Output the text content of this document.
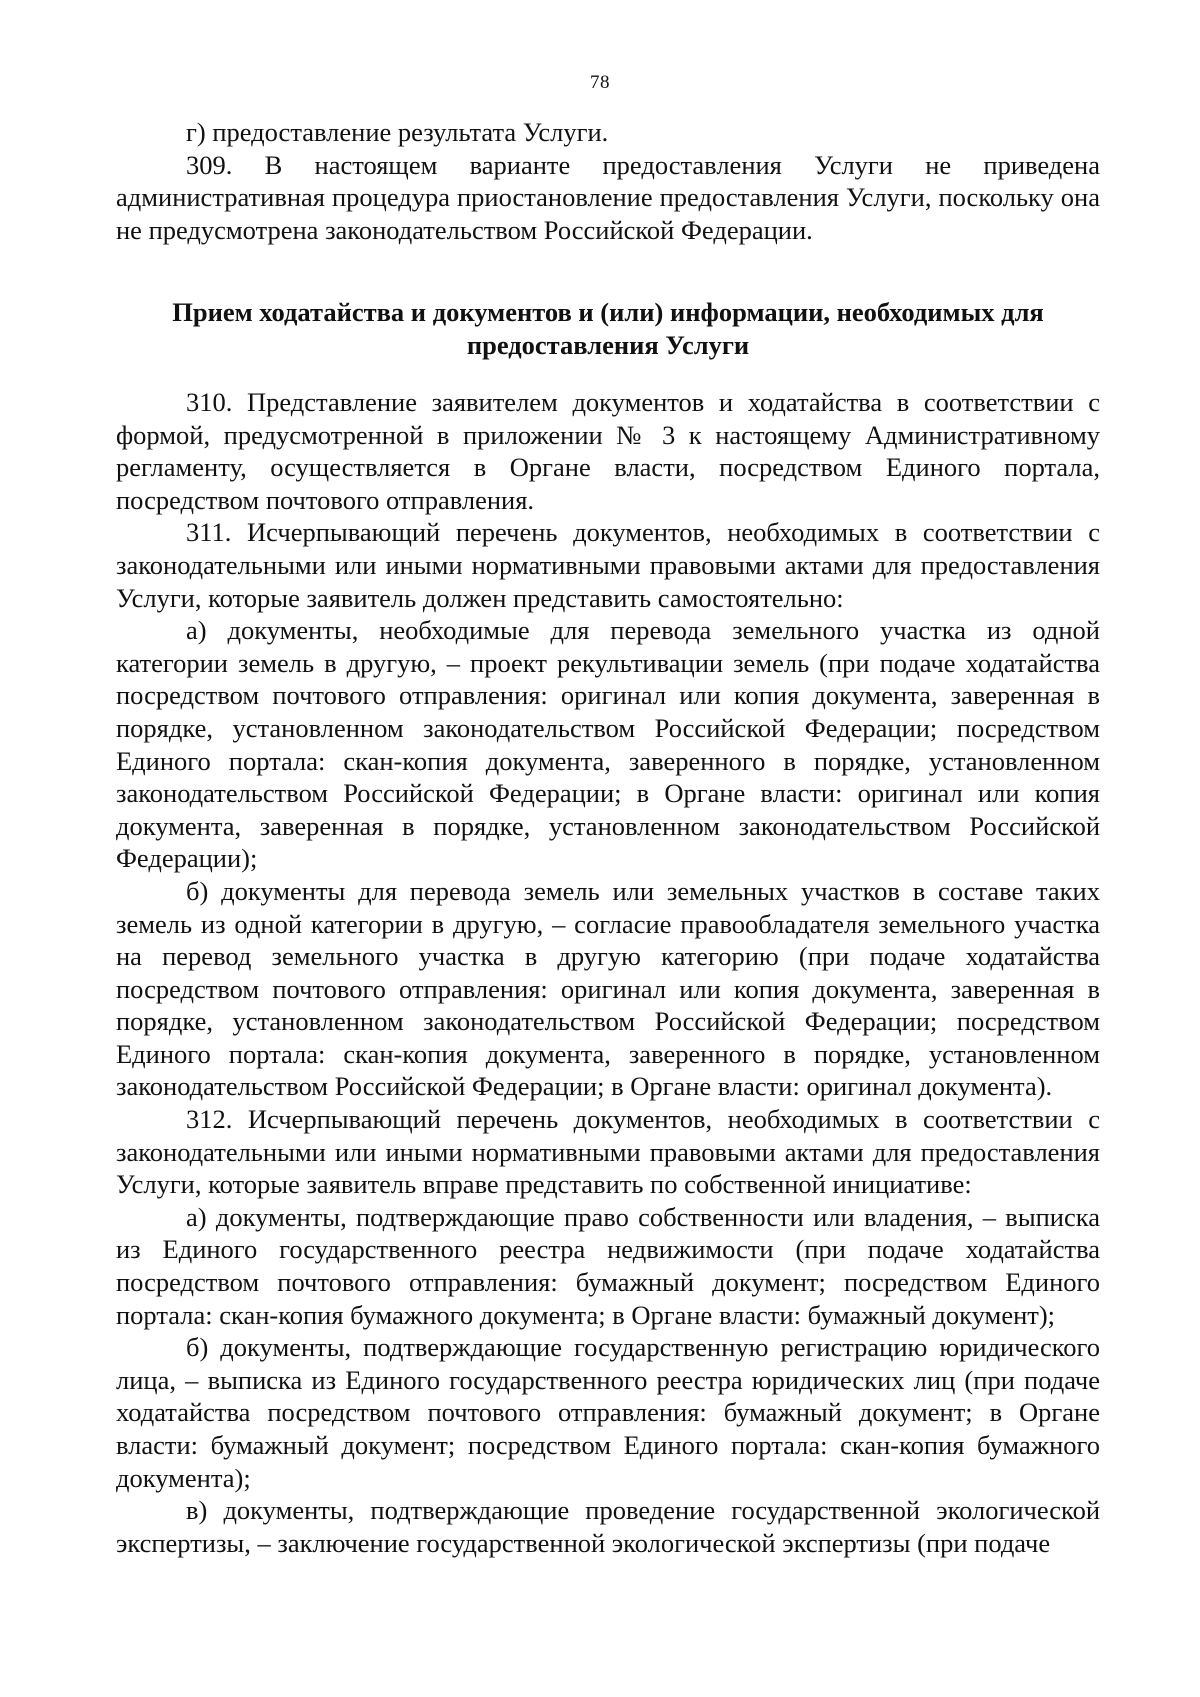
78

г) предоставление результата Услуги.

309. В настоящем варианте предоставления Услуги не приведена административная процедура приостановление предоставления Услуги, поскольку она не предусмотрена законодательством Российской Федерации.

Прием ходатайства и документов и (или) информации, необходимых для
предоставления Услуги

310. Представление заявителем документов и ходатайства в соответствии с формой, предусмотренной в приложении № 3 к настоящему Административному регламенту, осуществляется в Органе власти, посредством Единого портала, посредством почтового отправления.

311. Исчерпывающий перечень документов, необходимых в соответствии с законодательными или иными нормативными правовыми актами для предоставления Услуги, которые заявитель должен представить самостоятельно:

а) документы, необходимые для перевода земельного участка из одной категории земель в другую, – проект рекультивации земель (при подаче ходатайства посредством почтового отправления: оригинал или копия документа, заверенная в порядке, установленном законодательством Российской Федерации; посредством Единого портала: скан-копия документа, заверенного в порядке, установленном законодательством Российской Федерации; в Органе власти: оригинал или копия документа, заверенная в порядке, установленном законодательством Российской Федерации);

б) документы для перевода земель или земельных участков в составе таких земель из одной категории в другую, – согласие правообладателя земельного участка на перевод земельного участка в другую категорию (при подаче ходатайства посредством почтового отправления: оригинал или копия документа, заверенная в порядке, установленном законодательством Российской Федерации; посредством Единого портала: скан-копия документа, заверенного в порядке, установленном законодательством Российской Федерации; в Органе власти: оригинал документа).

312. Исчерпывающий перечень документов, необходимых в соответствии с законодательными или иными нормативными правовыми актами для предоставления Услуги, которые заявитель вправе представить по собственной инициативе:

а) документы, подтверждающие право собственности или владения, – выписка из Единого государственного реестра недвижимости (при подаче ходатайства посредством почтового отправления: бумажный документ; посредством Единого портала: скан-копия бумажного документа; в Органе власти: бумажный документ);

б) документы, подтверждающие государственную регистрацию юридического лица, – выписка из Единого государственного реестра юридических лиц (при подаче ходатайства посредством почтового отправления: бумажный документ; в Органе власти: бумажный документ; посредством Единого портала: скан-копия бумажного документа);

в) документы, подтверждающие проведение государственной экологической экспертизы, – заключение государственной экологической экспертизы (при подаче
